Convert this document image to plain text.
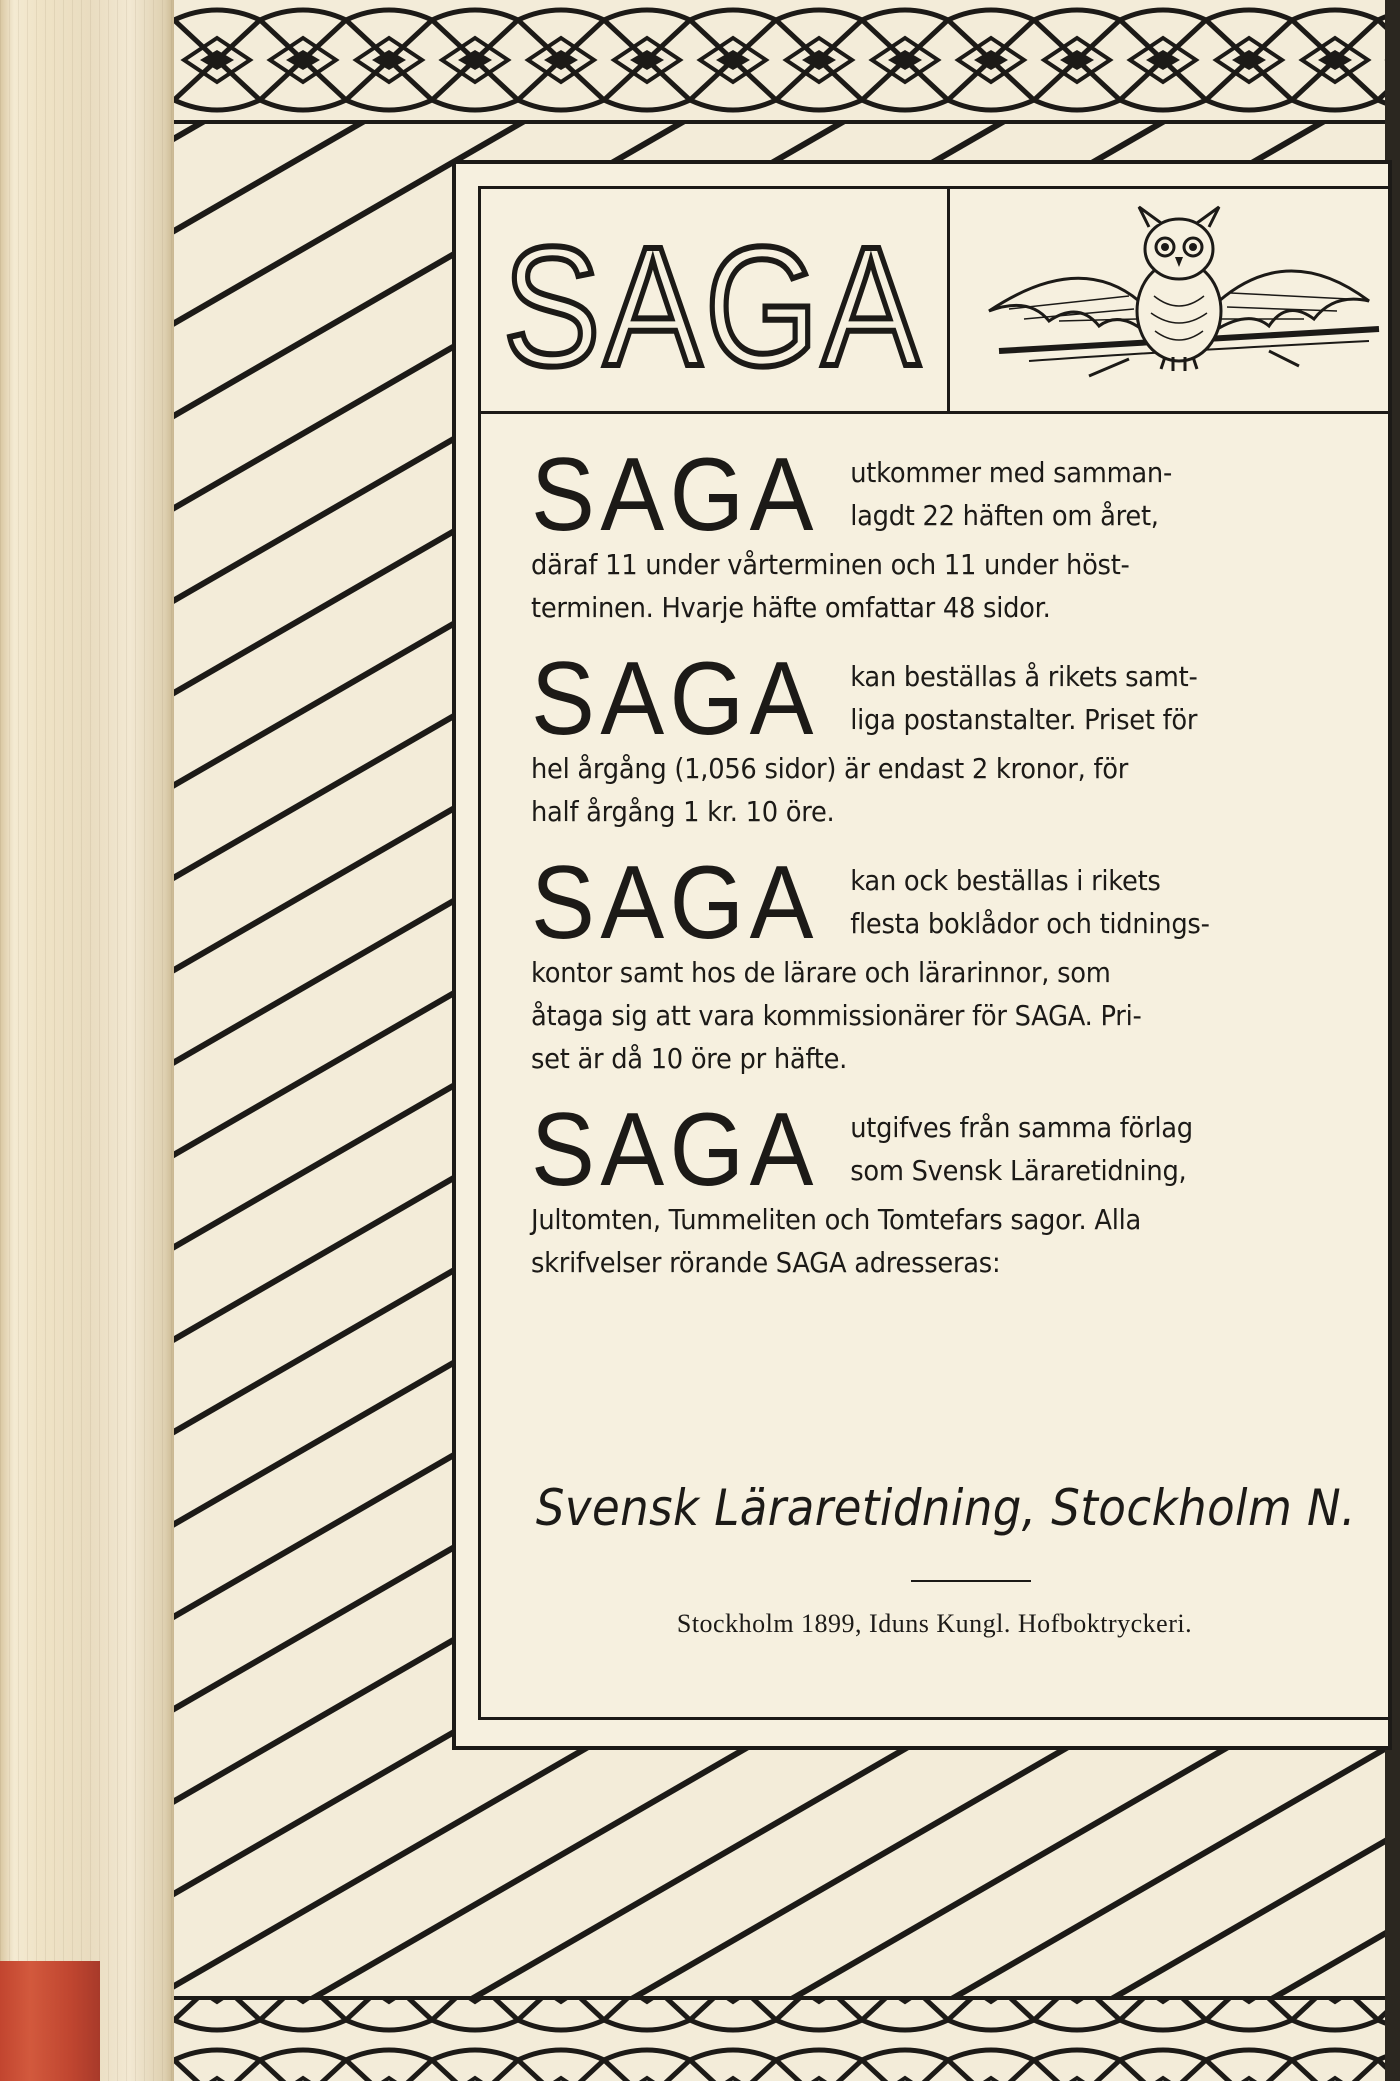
SAGA
SAGA	utkommer med samman-

lagdt 22 häften om året,

däraf 11 under vårterminen och 11 under höst-

terminen. Hvarje häfte omfattar 48 sidor.

SAGA	kan beställas å rikets samt-

liga postanstalter. Priset för

hel årgång (1,056 sidor) är endast 2 kronor, för

half årgång 1 kr. 10 öre.

SAGA	kan ock beställas i rikets

flesta boklådor och tidnings-

kontor samt hos de lärare och lärarinnor, som

åtaga sig att vara kommissionärer för SAGA. Pri-

set är då 10 öre pr häfte.

SAGA	utgifves från samma förlag

som Svensk Läraretidning,

Jultomten, Tummeliten och Tomtefars sagor. Alla

skrifvelser rörande SAGA adresseras:

Svensk Läraretidning, Stockholm N.
Stockholm 1899, Iduns Kungl. Hofboktryckeri.
